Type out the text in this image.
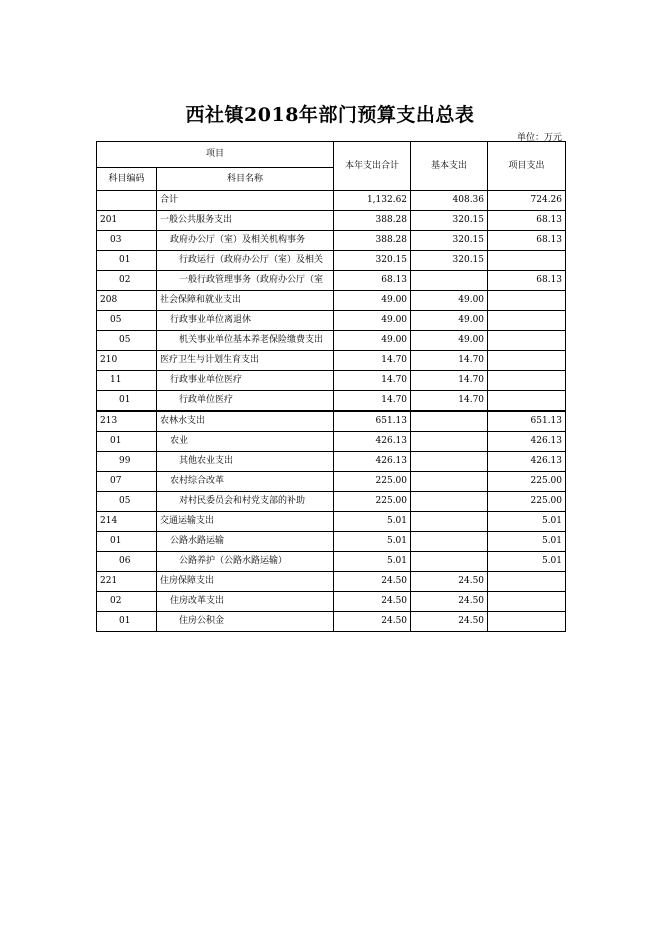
西社镇2018年部门预算支出总表
单位：万元
项目		本年支出合计	基本支出	项目支出
科目编码	科目名称			
	合计	1,132.62	408.36	724.26
201	一般公共服务支出	388.28	320.15	68.13
03	政府办公厅（室）及相关机构事务	388.28	320.15	68.13
01	行政运行（政府办公厅（室）及相关	320.15	320.15	
02	一般行政管理事务（政府办公厅（室	68.13		68.13
208	社会保障和就业支出	49.00	49.00	
05	行政事业单位离退休	49.00	49.00	
05	机关事业单位基本养老保险缴费支出	49.00	49.00	
210	医疗卫生与计划生育支出	14.70	14.70	
11	行政事业单位医疗	14.70	14.70	
01	行政单位医疗	14.70	14.70	
213	农林水支出	651.13		651.13
01	农业	426.13		426.13
99	其他农业支出	426.13		426.13
07	农村综合改革	225.00		225.00
05	对村民委员会和村党支部的补助	225.00		225.00
214	交通运输支出	5.01		5.01
01	公路水路运输	5.01		5.01
06	公路养护（公路水路运输）	5.01		5.01
221	住房保障支出	24.50	24.50	
02	住房改革支出	24.50	24.50	
01	住房公积金	24.50	24.50	
